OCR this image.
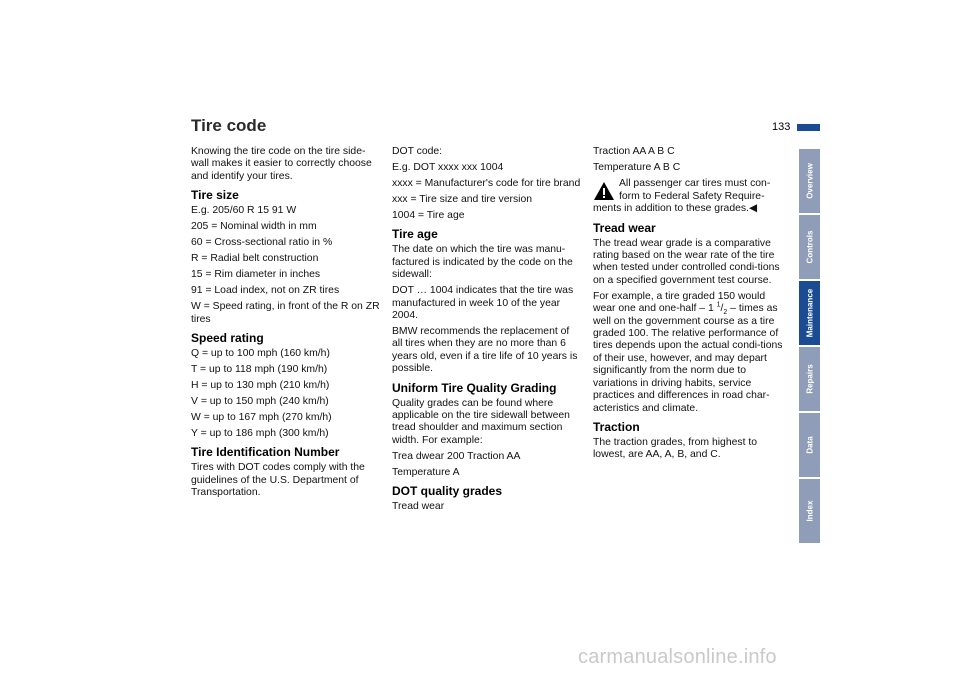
Tire code	133

Knowing the tire code on the tire side-wall makes it easier to correctly choose and identify your tires.

Tire size

E.g. 205/60 R 15 91 W

205 = Nominal width in mm

60 = Cross-sectional ratio in %

R = Radial belt construction

15 = Rim diameter in inches

91 = Load index, not on ZR tires

W = Speed rating, in front of the R on ZR tires

Speed rating

Q = up to 100 mph (160 km/h)

T = up to 118 mph (190 km/h)

H = up to 130 mph (210 km/h)

V = up to 150 mph (240 km/h)

W = up to 167 mph (270 km/h)

Y = up to 186 mph (300 km/h)

Tire Identification Number

Tires with DOT codes comply with the guidelines of the U.S. Department of Transportation.

DOT code:

E.g. DOT xxxx xxx 1004

xxxx = Manufacturer's code for tire brand

xxx = Tire size and tire version

1004 = Tire age

Tire age

The date on which the tire was manu-factured is indicated by the code on the sidewall:

DOT … 1004 indicates that the tire was manufactured in week 10 of the year 2004.

BMW recommends the replacement of all tires when they are no more than 6 years old, even if a tire life of 10 years is possible.

Uniform Tire Quality Grading

Quality grades can be found where applicable on the tire sidewall between tread shoulder and maximum section width. For example:

Trea dwear 200 Traction AA

Temperature A

DOT quality grades

Tread wear

Traction AA A B C

Temperature A B C

All passenger car tires must con-form to Federal Safety Require-ments in addition to these grades.◀
Tread wear

The tread wear grade is a comparative rating based on the wear rate of the tire when tested under controlled condi-tions on a specified government test course.

For example, a tire graded 150 would wear one and one-half – 1 $^1/_2$ – times as well on the government course as a tire graded 100. The relative performance of tires depends upon the actual condi-tions of their use, however, and may depart significantly from the norm due to variations in driving habits, service practices and differences in road char-acteristics and climate.

Traction

The traction grades, from highest to lowest, are AA, A, B, and C.

Overview
Controls
Maintenance
Repairs
Data
Index
carmanualsonline.info
